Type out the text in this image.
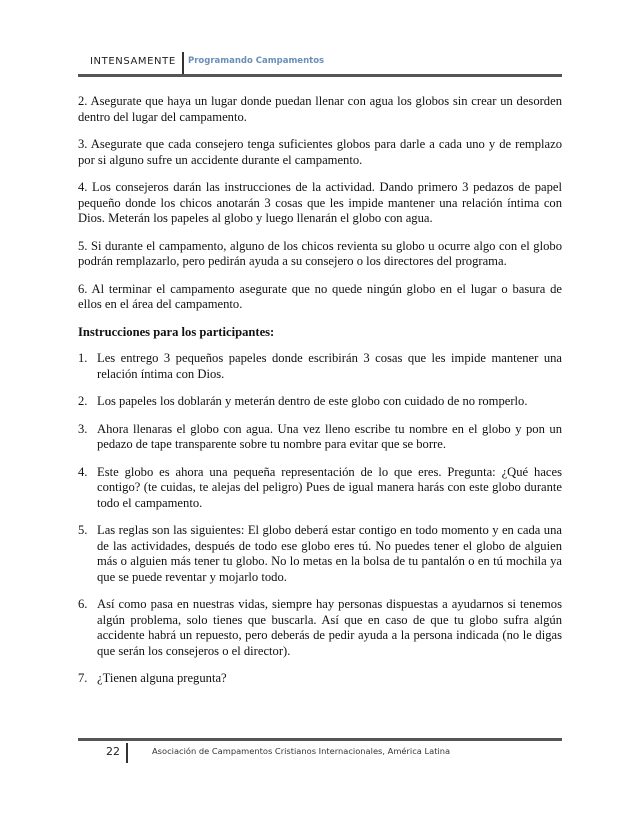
INTENSAMENTE Programando Campamentos

2. Asegurate que haya un lugar donde puedan llenar con agua los globos sin crear un desorden dentro del lugar del campamento.

3. Asegurate que cada consejero tenga suficientes globos para darle a cada uno y de remplazo por si alguno sufre un accidente durante el campamento.

4. Los consejeros darán las instrucciones de la actividad. Dando primero 3 pedazos de papel pequeño donde los chicos anotarán 3 cosas que les impide mantener una relación íntima con Dios. Meterán los papeles al globo y luego llenarán el globo con agua.

5. Si durante el campamento, alguno de los chicos revienta su globo u ocurre algo con el globo podrán remplazarlo, pero pedirán ayuda a su consejero o los directores del programa.

6. Al terminar el campamento asegurate que no quede ningún globo en el lugar o basura de ellos en el área del campamento.

Instrucciones para los participantes:

1. Les entrego 3 pequeños papeles donde escribirán 3 cosas que les impide mantener una relación íntima con Dios.
2. Los papeles los doblarán y meterán dentro de este globo con cuidado de no romperlo.
3. Ahora llenaras el globo con agua. Una vez lleno escribe tu nombre en el globo y pon un pedazo de tape transparente sobre tu nombre para evitar que se borre.
4. Este globo es ahora una pequeña representación de lo que eres. Pregunta: ¿Qué haces contigo? (te cuidas, te alejas del peligro) Pues de igual manera harás con este globo durante todo el campamento.
5. Las reglas son las siguientes: El globo deberá estar contigo en todo momento y en cada una de las actividades, después de todo ese globo eres tú. No puedes tener el globo de alguien más o alguien más tener tu globo. No lo metas en la bolsa de tu pantalón o en tú mochila ya que se puede reventar y mojarlo todo.
6. Así como pasa en nuestras vidas, siempre hay personas dispuestas a ayudarnos si tenemos algún problema, solo tienes que buscarla. Así que en caso de que tu globo sufra algún accidente habrá un repuesto, pero deberás de pedir ayuda a la persona indicada (no le digas que serán los consejeros o el director).
7. ¿Tienen alguna pregunta?
22	Asociación de Campamentos Cristianos Internacionales, América Latina
